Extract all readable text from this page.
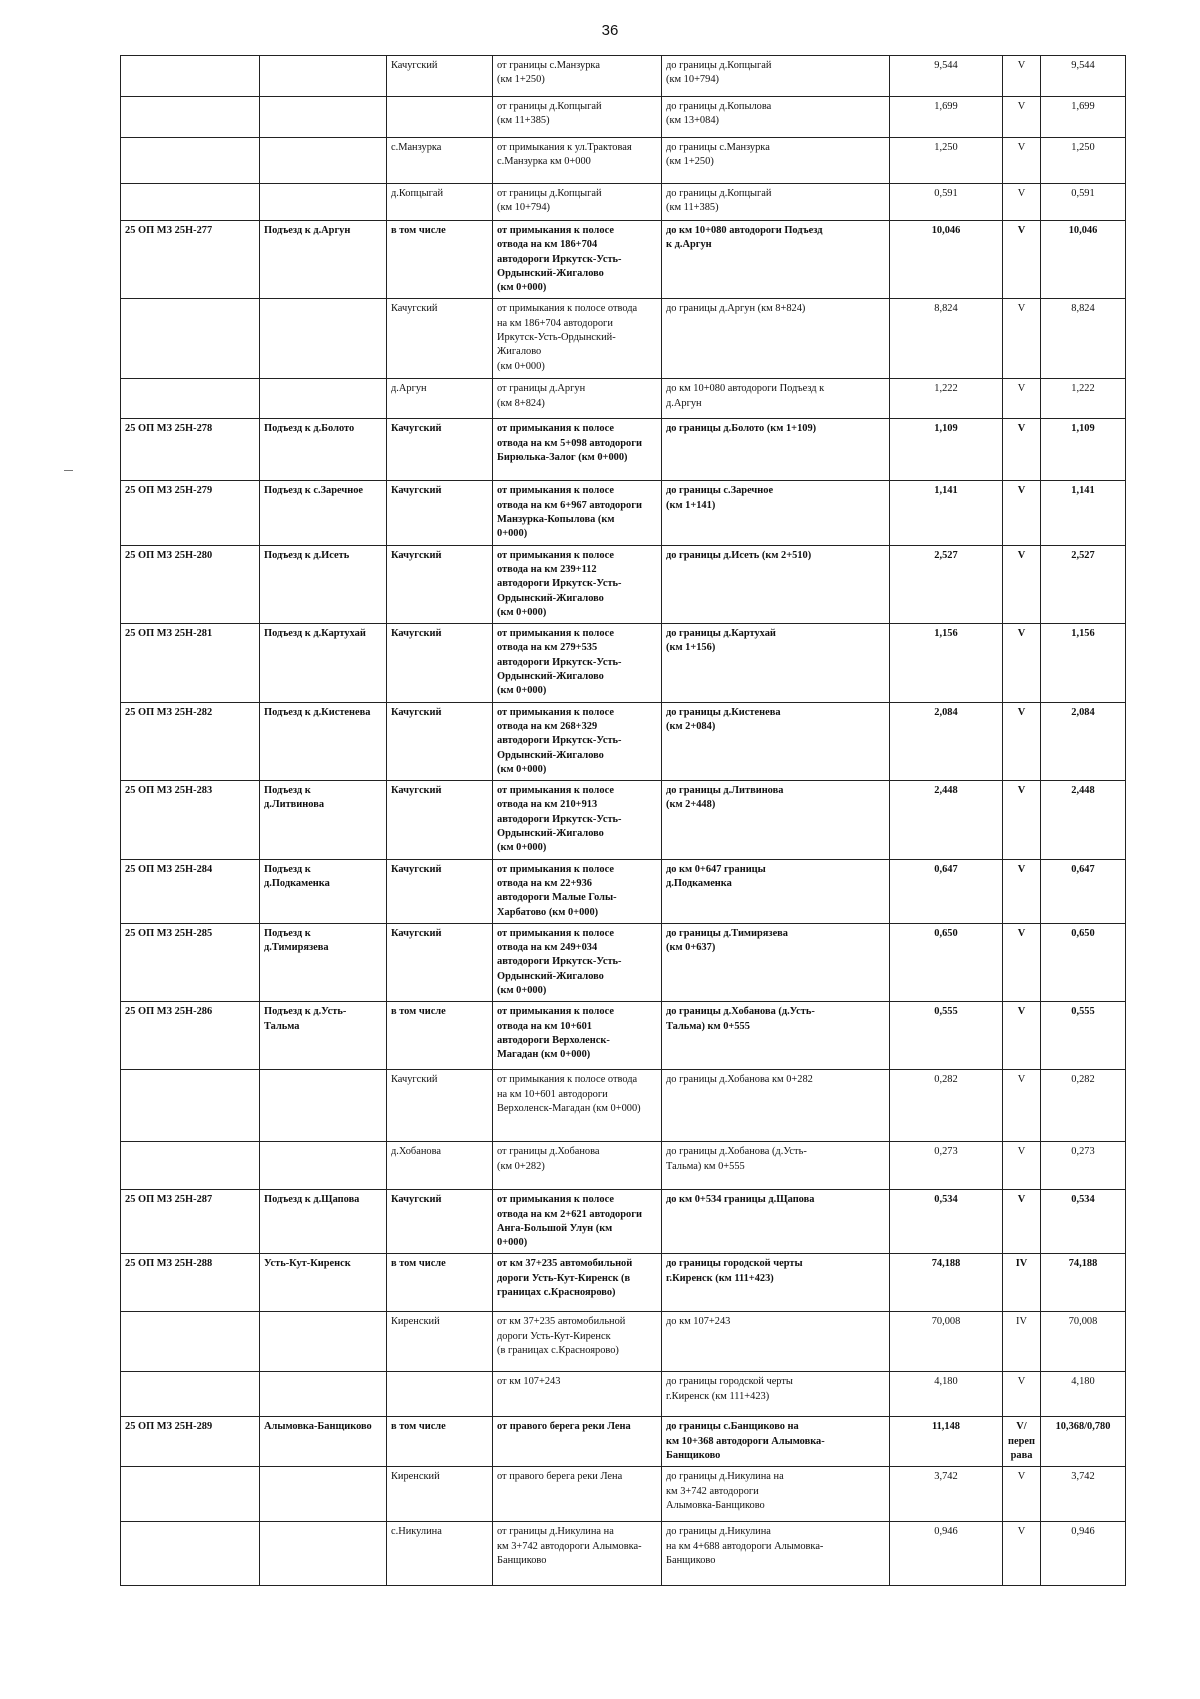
36
		Качугский	от границы с.Манзурка
(км 1+250)	до границы д.Копцыгай
(км 10+794)	9,544	V	9,544
			от границы д.Копцыгай
(км 11+385)	до границы д.Копылова
(км 13+084)	1,699	V	1,699
		с.Манзурка	от примыкания к ул.Трактовая
с.Манзурка км 0+000	до границы с.Манзурка
(км 1+250)	1,250	V	1,250
		д.Копцыгай	от границы д.Копцыгай
(км 10+794)	до границы д.Копцыгай
(км 11+385)	0,591	V	0,591
25 ОП МЗ 25Н-277	Подъезд к д.Аргун	в том числе	от примыкания к полосе
отвода на км 186+704
автодороги Иркутск-Усть-
Ордынский-Жигалово
(км 0+000)	до км 10+080 автодороги Подъезд
к д.Аргун	10,046	V	10,046
		Качугский	от примыкания к полосе отвода
на км 186+704 автодороги
Иркутск-Усть-Ордынский-
Жигалово
(км 0+000)	до границы д.Аргун (км 8+824)	8,824	V	8,824
		д.Аргун	от границы д.Аргун
(км 8+824)	до км 10+080 автодороги Подъезд к
д.Аргун	1,222	V	1,222
25 ОП МЗ 25Н-278	Подъезд к д.Болото	Качугский	от примыкания к полосе
отвода на км 5+098 автодороги
Бирюлька-Залог (км 0+000)	до границы д.Болото (км 1+109)	1,109	V	1,109
25 ОП МЗ 25Н-279	Подъезд к с.Заречное	Качугский	от примыкания к полосе
отвода на км 6+967 автодороги
Манзурка-Копылова (км
0+000)	до границы с.Заречное
(км 1+141)	1,141	V	1,141
25 ОП МЗ 25Н-280	Подъезд к д.Исеть	Качугский	от примыкания к полосе
отвода на км 239+112
автодороги Иркутск-Усть-
Ордынский-Жигалово
(км 0+000)	до границы д.Исеть (км 2+510)	2,527	V	2,527
25 ОП МЗ 25Н-281	Подъезд к д.Картухай	Качугский	от примыкания к полосе
отвода на км 279+535
автодороги Иркутск-Усть-
Ордынский-Жигалово
(км 0+000)	до границы д.Картухай
(км 1+156)	1,156	V	1,156
25 ОП МЗ 25Н-282	Подъезд к д.Кистенева	Качугский	от примыкания к полосе
отвода на км 268+329
автодороги Иркутск-Усть-
Ордынский-Жигалово
(км 0+000)	до границы д.Кистенева
(км 2+084)	2,084	V	2,084
25 ОП МЗ 25Н-283	Подъезд к
д.Литвинова	Качугский	от примыкания к полосе
отвода на км 210+913
автодороги Иркутск-Усть-
Ордынский-Жигалово
(км 0+000)	до границы д.Литвинова
(км 2+448)	2,448	V	2,448
25 ОП МЗ 25Н-284	Подъезд к
д.Подкаменка	Качугский	от примыкания к полосе
отвода на км 22+936
автодороги Малые Голы-
Харбатово (км 0+000)	до км 0+647 границы
д.Подкаменка	0,647	V	0,647
25 ОП МЗ 25Н-285	Подъезд к
д.Тимирязева	Качугский	от примыкания к полосе
отвода на км 249+034
автодороги Иркутск-Усть-
Ордынский-Жигалово
(км 0+000)	до границы д.Тимирязева
(км 0+637)	0,650	V	0,650
25 ОП МЗ 25Н-286	Подъезд к д.Усть-
Тальма	в том числе	от примыкания к полосе
отвода на км 10+601
автодороги Верхоленск-
Магадан (км 0+000)	до границы д.Хобанова (д.Усть-
Тальма) км 0+555	0,555	V	0,555
		Качугский	от примыкания к полосе отвода
на км 10+601 автодороги
Верхоленск-Магадан (км 0+000)	до границы д.Хобанова км 0+282	0,282	V	0,282
		д.Хобанова	от границы д.Хобанова
(км 0+282)	до границы д.Хобанова (д.Усть-
Тальма) км 0+555	0,273	V	0,273
25 ОП МЗ 25Н-287	Подъезд к д.Щапова	Качугский	от примыкания к полосе
отвода на км 2+621 автодороги
Анга-Большой Улун (км
0+000)	до км 0+534 границы д.Щапова	0,534	V	0,534
25 ОП МЗ 25Н-288	Усть-Кут-Киренск	в том числе	от км 37+235 автомобильной
дороги Усть-Кут-Киренск (в
границах с.Красноярово)	до границы городской черты
г.Киренск (км 111+423)	74,188	IV	74,188
		Киренский	от км 37+235 автомобильной
дороги Усть-Кут-Киренск
(в границах с.Красноярово)	до км 107+243	70,008	IV	70,008
			от км 107+243	до границы городской черты
г.Киренск (км 111+423)	4,180	V	4,180
25 ОП МЗ 25Н-289	Алымовка-Банщиково	в том числе	от правого берега реки Лена	до границы с.Банщиково на
км 10+368 автодороги Алымовка-
Банщиково	11,148	V/переправа	10,368/0,780
		Киренский	от правого берега реки Лена	до границы д.Никулина на
км 3+742 автодороги
Алымовка-Банщиково	3,742	V	3,742
		с.Никулина	от границы д.Никулина на
км 3+742 автодороги Алымовка-
Банщиково	до границы д.Никулина
на км 4+688 автодороги Алымовка-
Банщиково	0,946	V	0,946
